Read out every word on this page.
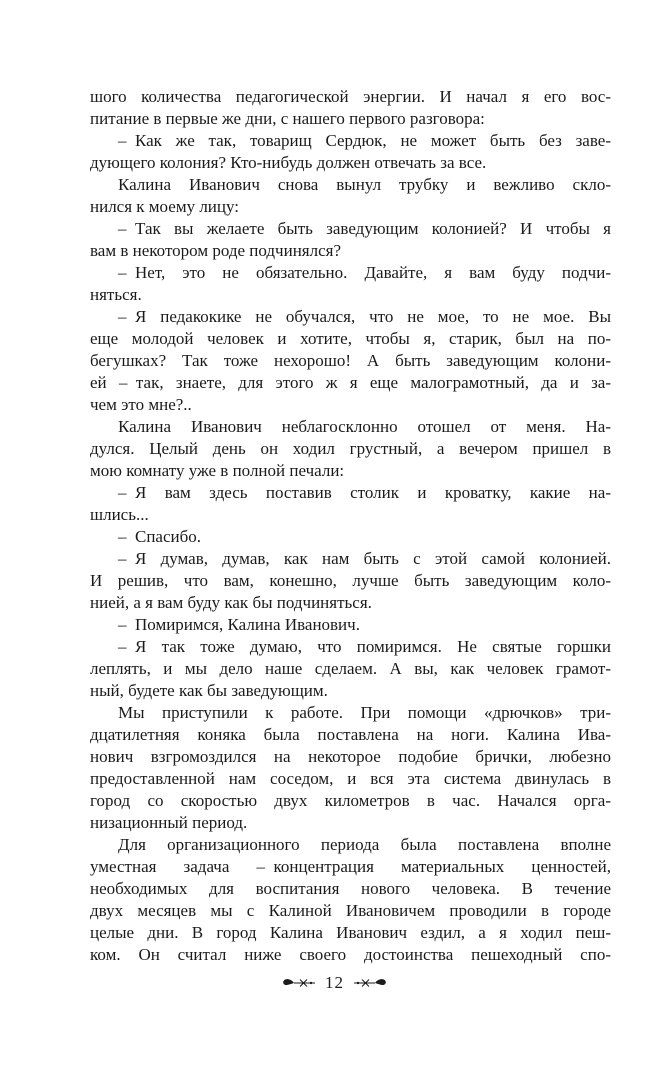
шого количества педагогической энергии. И начал я его вос-
питание в первые же дни, с нашего первого разговора:
– Как же так, товарищ Сердюк, не может быть без заве-
дующего колония? Кто-нибудь должен отвечать за все.
Калина Иванович снова вынул трубку и вежливо скло-
нился к моему лицу:
– Так вы желаете быть заведующим колонией? И чтобы я
вам в некотором роде подчинялся?
– Нет, это не обязательно. Давайте, я вам буду подчи-
няться.
– Я педакокике не обучался, что не мое, то не мое. Вы
еще молодой человек и хотите, чтобы я, старик, был на по-
бегушках? Так тоже нехорошо! А быть заведующим колони-
ей – так, знаете, для этого ж я еще малограмотный, да и за-
чем это мне?..
Калина Иванович неблагосклонно отошел от меня. На-
дулся. Целый день он ходил грустный, а вечером пришел в
мою комнату уже в полной печали:
– Я вам здесь поставив столик и кроватку, какие на-
шлись...
– Спасибо.
– Я думав, думав, как нам быть с этой самой колонией.
И решив, что вам, конешно, лучше быть заведующим коло-
нией, а я вам буду как бы подчиняться.
– Помиримся, Калина Иванович.
– Я так тоже думаю, что помиримся. Не святые горшки
леплять, и мы дело наше сделаем. А вы, как человек грамот-
ный, будете как бы заведующим.
Мы приступили к работе. При помощи «дрючков» три-
дцатилетняя коняка была поставлена на ноги. Калина Ива-
нович взгромоздился на некоторое подобие брички, любезно
предоставленной нам соседом, и вся эта система двинулась в
город со скоростью двух километров в час. Начался орга-
низационный период.
Для организационного периода была поставлена вполне
уместная задача – концентрация материальных ценностей,
необходимых для воспитания нового человека. В течение
двух месяцев мы с Калиной Ивановичем проводили в городе
целые дни. В город Калина Иванович ездил, а я ходил пеш-
ком. Он считал ниже своего достоинства пешеходный спо-
12
